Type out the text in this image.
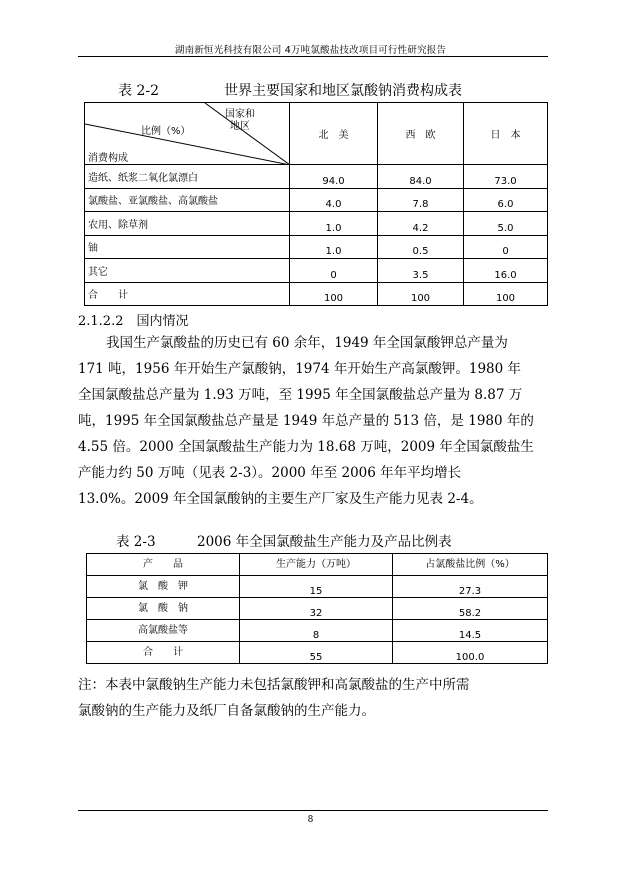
湖南新恒光科技有限公司 4万吨氯酸盐技改项目可行性研究报告
表 2-2	世界主要国家和地区氯酸钠消费构成表
国家和
地区
比例（%）
消费构成	北　美	西　欧	日　本
造纸、纸浆二氧化氯漂白	94.0	84.0	73.0
氯酸盐、亚氯酸盐、高氯酸盐	4.0	7.8	6.0
农用、除草剂	1.0	4.2	5.0
铀	1.0	0.5	0
其它	0	3.5	16.0
合　　计	100	100	100
2.1.2.2　国内情况
我国生产氯酸盐的历史已有 60 余年，1949 年全国氯酸钾总产量为
171 吨，1956 年开始生产氯酸钠，1974 年开始生产高氯酸钾。1980 年
全国氯酸盐总产量为 1.93 万吨，至 1995 年全国氯酸盐总产量为 8.87 万
吨，1995 年全国氯酸盐总产量是 1949 年总产量的 513 倍，是 1980 年的
4.55 倍。2000 全国氯酸盐生产能力为 18.68 万吨，2009 年全国氯酸盐生
产能力约 50 万吨（见表 2-3）。2000 年至 2006 年年平均增长
13.0%。2009 年全国氯酸钠的主要生产厂家及生产能力见表 2-4。
表 2-3	2006 年全国氯酸盐生产能力及产品比例表
产　　品	生产能力（万吨）	占氯酸盐比例（%）
氯　酸　钾	15	27.3
氯　酸　钠	32	58.2
高氯酸盐等	8	14.5
合　　计	55	100.0
注：本表中氯酸钠生产能力未包括氯酸钾和高氯酸盐的生产中所需
氯酸钠的生产能力及纸厂自备氯酸钠的生产能力。
8
